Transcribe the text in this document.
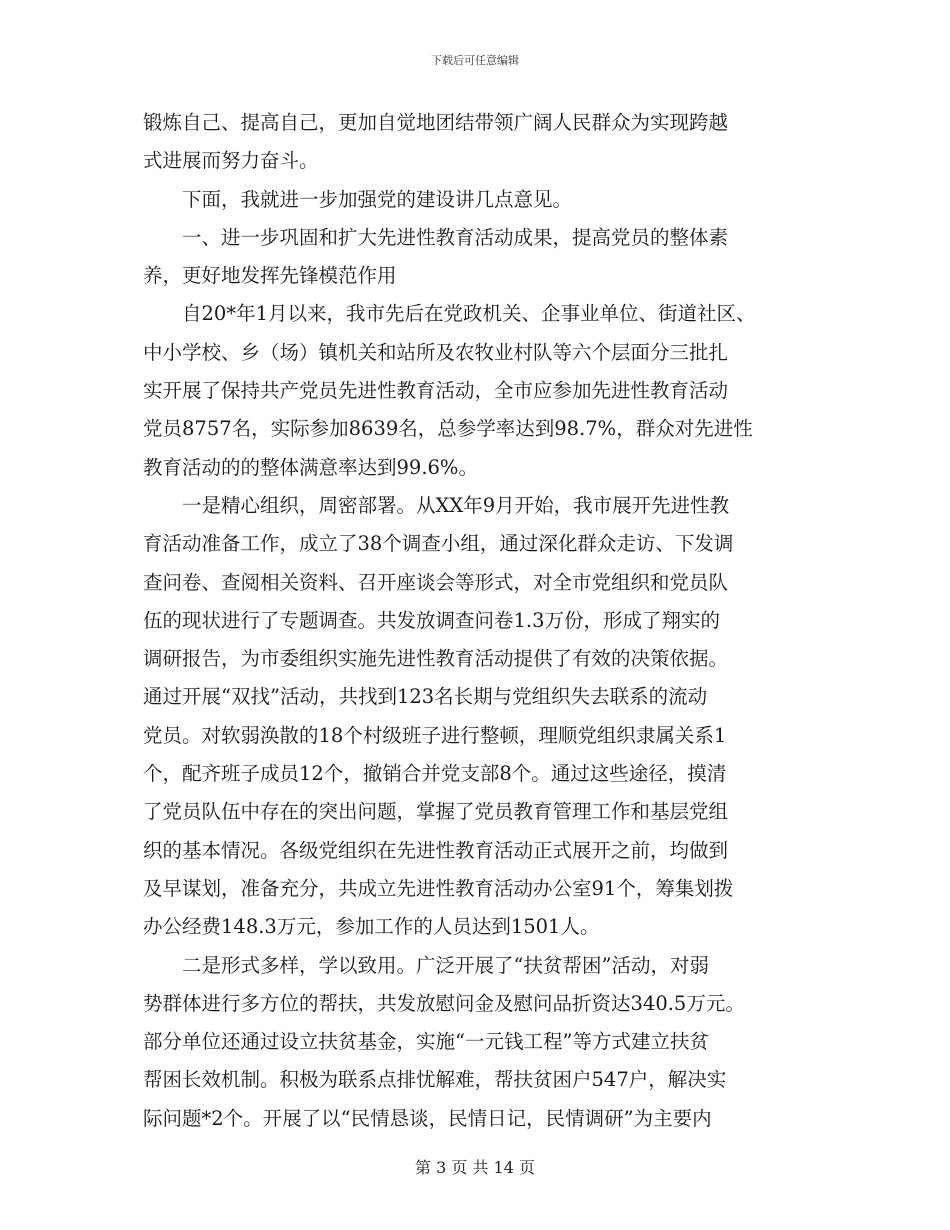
下载后可任意编辑
锻炼自己、提高自己，更加自觉地团结带领广阔人民群众为实现跨越
式进展而努力奋斗。
下面，我就进一步加强党的建设讲几点意见。
一、进一步巩固和扩大先进性教育活动成果，提高党员的整体素
养，更好地发挥先锋模范作用
自20*年1月以来，我市先后在党政机关、企事业单位、街道社区、
中小学校、乡（场）镇机关和站所及农牧业村队等六个层面分三批扎
实开展了保持共产党员先进性教育活动，全市应参加先进性教育活动
党员8757名，实际参加8639名，总参学率达到98.7%，群众对先进性
教育活动的的整体满意率达到99.6%。
一是精心组织，周密部署。从XX年9月开始，我市展开先进性教
育活动准备工作，成立了38个调查小组，通过深化群众走访、下发调
查问卷、查阅相关资料、召开座谈会等形式，对全市党组织和党员队
伍的现状进行了专题调查。共发放调查问卷1.3万份，形成了翔实的
调研报告，为市委组织实施先进性教育活动提供了有效的决策依据。
通过开展“双找”活动，共找到123名长期与党组织失去联系的流动
党员。对软弱涣散的18个村级班子进行整顿，理顺党组织隶属关系1
个，配齐班子成员12个，撤销合并党支部8个。通过这些途径，摸清
了党员队伍中存在的突出问题，掌握了党员教育管理工作和基层党组
织的基本情况。各级党组织在先进性教育活动正式展开之前，均做到
及早谋划，准备充分，共成立先进性教育活动办公室91个，筹集划拨
办公经费148.3万元，参加工作的人员达到1501人。
二是形式多样，学以致用。广泛开展了“扶贫帮困”活动，对弱
势群体进行多方位的帮扶，共发放慰问金及慰问品折资达340.5万元。
部分单位还通过设立扶贫基金，实施“一元钱工程”等方式建立扶贫
帮困长效机制。积极为联系点排忧解难，帮扶贫困户547户，解决实
际问题*2个。开展了以“民情恳谈，民情日记，民情调研”为主要内
第 3 页 共 14 页
